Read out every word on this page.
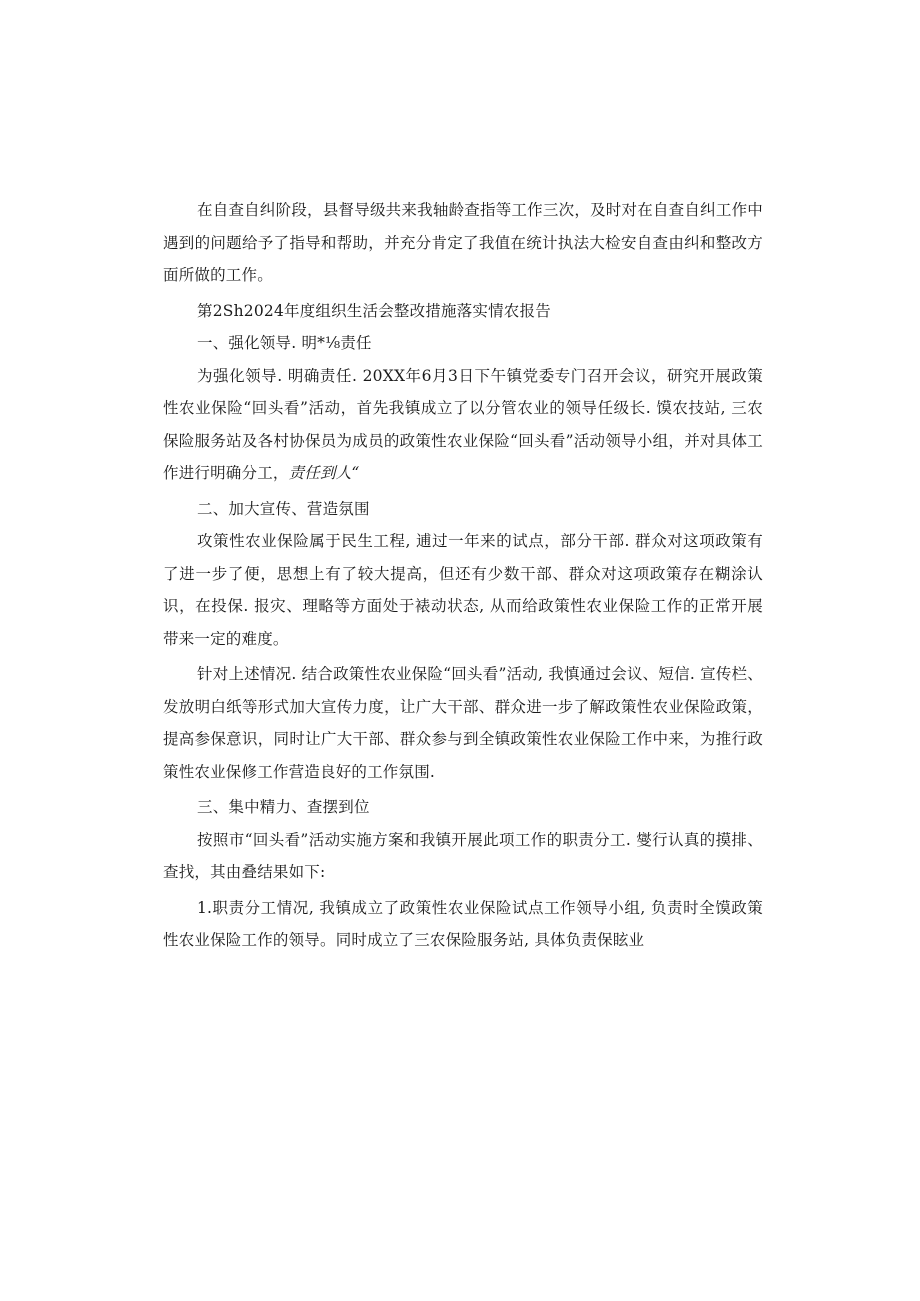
在自查自纠阶段，县督导级共来我轴龄查指等工作三次，及时对在自查自纠工作中遇到的问题给予了指导和帮助，并充分肯定了我值在统计执法大检安自查由纠和整改方面所做的工作。

第2Sh2024年度组织生活会整改措施落实情农报告

一、强化领导. 明*⅛责任

为强化领导. 明确责任. 20XX年6月3日下午镇党委专门召开会议，研究开展政策性农业保险“回头看”活动，首先我镇成立了以分管农业的领导任级长. 馍农技站, 三农保险服务站及各村协保员为成员的政策性农业保险“回头看”活动领导小组，并对具体工作进行明确分工，责任到人“

二、加大宣传、营造氛围

攻策性农业保险属于民生工程, 逋过一年来的试点，部分干部. 群众对这项政策有了进一步了便，思想上有了较大提高，但还有少数干部、群众对这项政策存在糊涂认识，在投保. 报灾、理略等方面处于裱动状态, 从而给政策性农业保险工作的正常开展带来一定的难度。

针对上述情况. 结合政策性农业保险“回头看”活动, 我慎通过会议、短信. 宣传栏、发放明白纸等形式加大宣传力度，让广大干部、群众进一步了解政策性农业保险政策，提高参保意识，同时让广大干部、群众参与到全镇政策性农业保险工作中来，为推行政策性农业保修工作营造良好的工作氛围.

三、集中精力、查摆到位

按照市“回头看”活动实施方案和我镇开展此项工作的职责分工. 燮行认真的摸排、查找，其由叠结果如下:

1.职责分工情况, 我镇成立了政策性农业保险试点工作领导小组, 负责时全馍政策性农业保险工作的领导。同时成立了三农保险服务站, 具体负责保眩业
